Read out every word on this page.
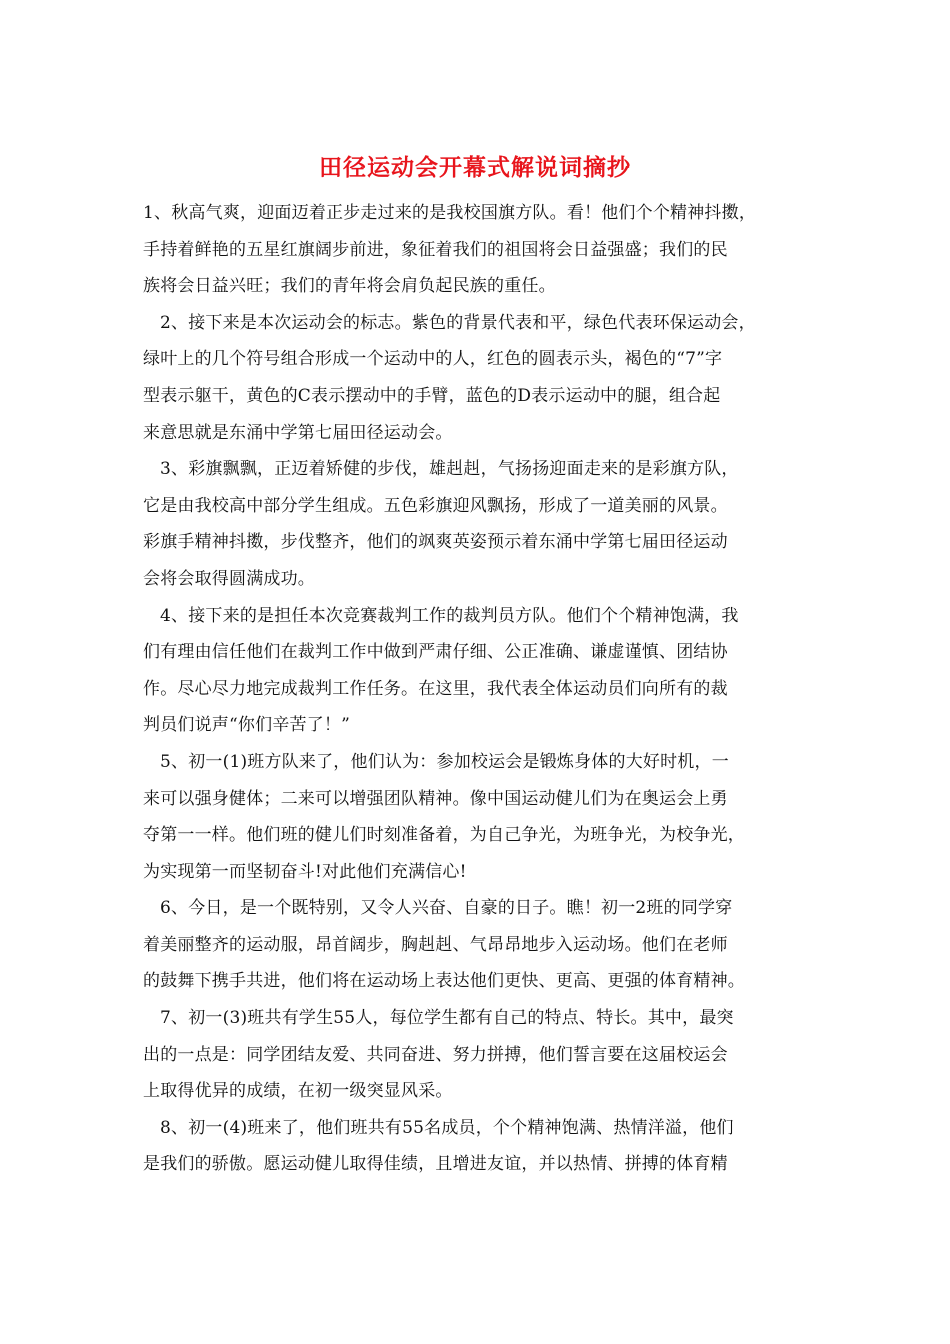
田径运动会开幕式解说词摘抄
1、秋高气爽，迎面迈着正步走过来的是我校国旗方队。看！他们个个精神抖擞，
手持着鲜艳的五星红旗阔步前进，象征着我们的祖国将会日益强盛；我们的民
族将会日益兴旺；我们的青年将会肩负起民族的重任。
2、接下来是本次运动会的标志。紫色的背景代表和平，绿色代表环保运动会，
绿叶上的几个符号组合形成一个运动中的人，红色的圆表示头，褐色的“7”字
型表示躯干，黄色的C表示摆动中的手臂，蓝色的D表示运动中的腿，组合起
来意思就是东涌中学第七届田径运动会。
3、彩旗飘飘，正迈着矫健的步伐，雄赳赳，气扬扬迎面走来的是彩旗方队，
它是由我校高中部分学生组成。五色彩旗迎风飘扬，形成了一道美丽的风景。
彩旗手精神抖擞，步伐整齐，他们的飒爽英姿预示着东涌中学第七届田径运动
会将会取得圆满成功。
4、接下来的是担任本次竞赛裁判工作的裁判员方队。他们个个精神饱满，我
们有理由信任他们在裁判工作中做到严肃仔细、公正准确、谦虚谨慎、团结协
作。尽心尽力地完成裁判工作任务。在这里，我代表全体运动员们向所有的裁
判员们说声“你们辛苦了！”
5、初一(1)班方队来了，他们认为：参加校运会是锻炼身体的大好时机，一
来可以强身健体；二来可以增强团队精神。像中国运动健儿们为在奥运会上勇
夺第一一样。他们班的健儿们时刻准备着，为自己争光，为班争光，为校争光，
为实现第一而坚韧奋斗!对此他们充满信心!
6、今日，是一个既特别，又令人兴奋、自豪的日子。瞧！初一2班的同学穿
着美丽整齐的运动服，昂首阔步，胸赳赳、气昂昂地步入运动场。他们在老师
的鼓舞下携手共进，他们将在运动场上表达他们更快、更高、更强的体育精神。
7、初一(3)班共有学生55人，每位学生都有自己的特点、特长。其中，最突
出的一点是：同学团结友爱、共同奋进、努力拼搏，他们誓言要在这届校运会
上取得优异的成绩，在初一级突显风采。
8、初一(4)班来了，他们班共有55名成员，个个精神饱满、热情洋溢，他们
是我们的骄傲。愿运动健儿取得佳绩，且增进友谊，并以热情、拼搏的体育精
